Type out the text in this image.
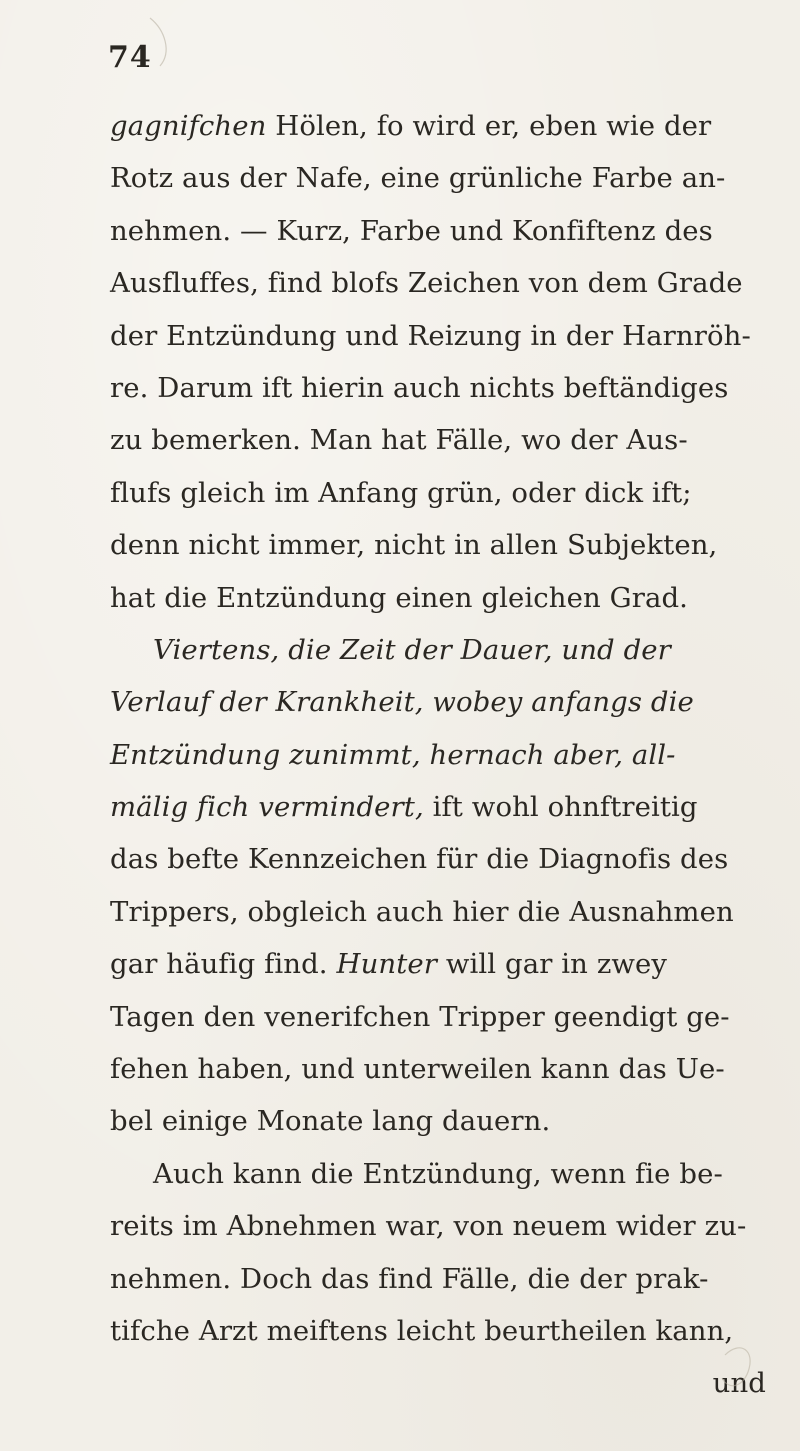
74
gagnifchen Hölen, fo wird er, eben wie der
Rotz aus der Nafe, eine grünliche Farbe an-
nehmen. — Kurz, Farbe und Konfiftenz des
Ausfluffes, find blofs Zeichen von dem Grade
der Entzündung und Reizung in der Harnröh-
re. Darum ift hierin auch nichts beftändiges
zu bemerken. Man hat Fälle, wo der Aus-
flufs gleich im Anfang grün, oder dick ift;
denn nicht immer, nicht in allen Subjekten,
hat die Entzündung einen gleichen Grad.
Viertens, die Zeit der Dauer, und der
Verlauf der Krankheit, wobey anfangs die
Entzündung zunimmt, hernach aber, all-
mälig fich vermindert, ift wohl ohnftreitig
das befte Kennzeichen für die Diagnofis des
Trippers, obgleich auch hier die Ausnahmen
gar häufig find. Hunter will gar in zwey
Tagen den venerifchen Tripper geendigt ge-
fehen haben, und unterweilen kann das Ue-
bel einige Monate lang dauern.
Auch kann die Entzündung, wenn fie be-
reits im Abnehmen war, von neuem wider zu-
nehmen. Doch das find Fälle, die der prak-
tifche Arzt meiftens leicht beurtheilen kann,
und
